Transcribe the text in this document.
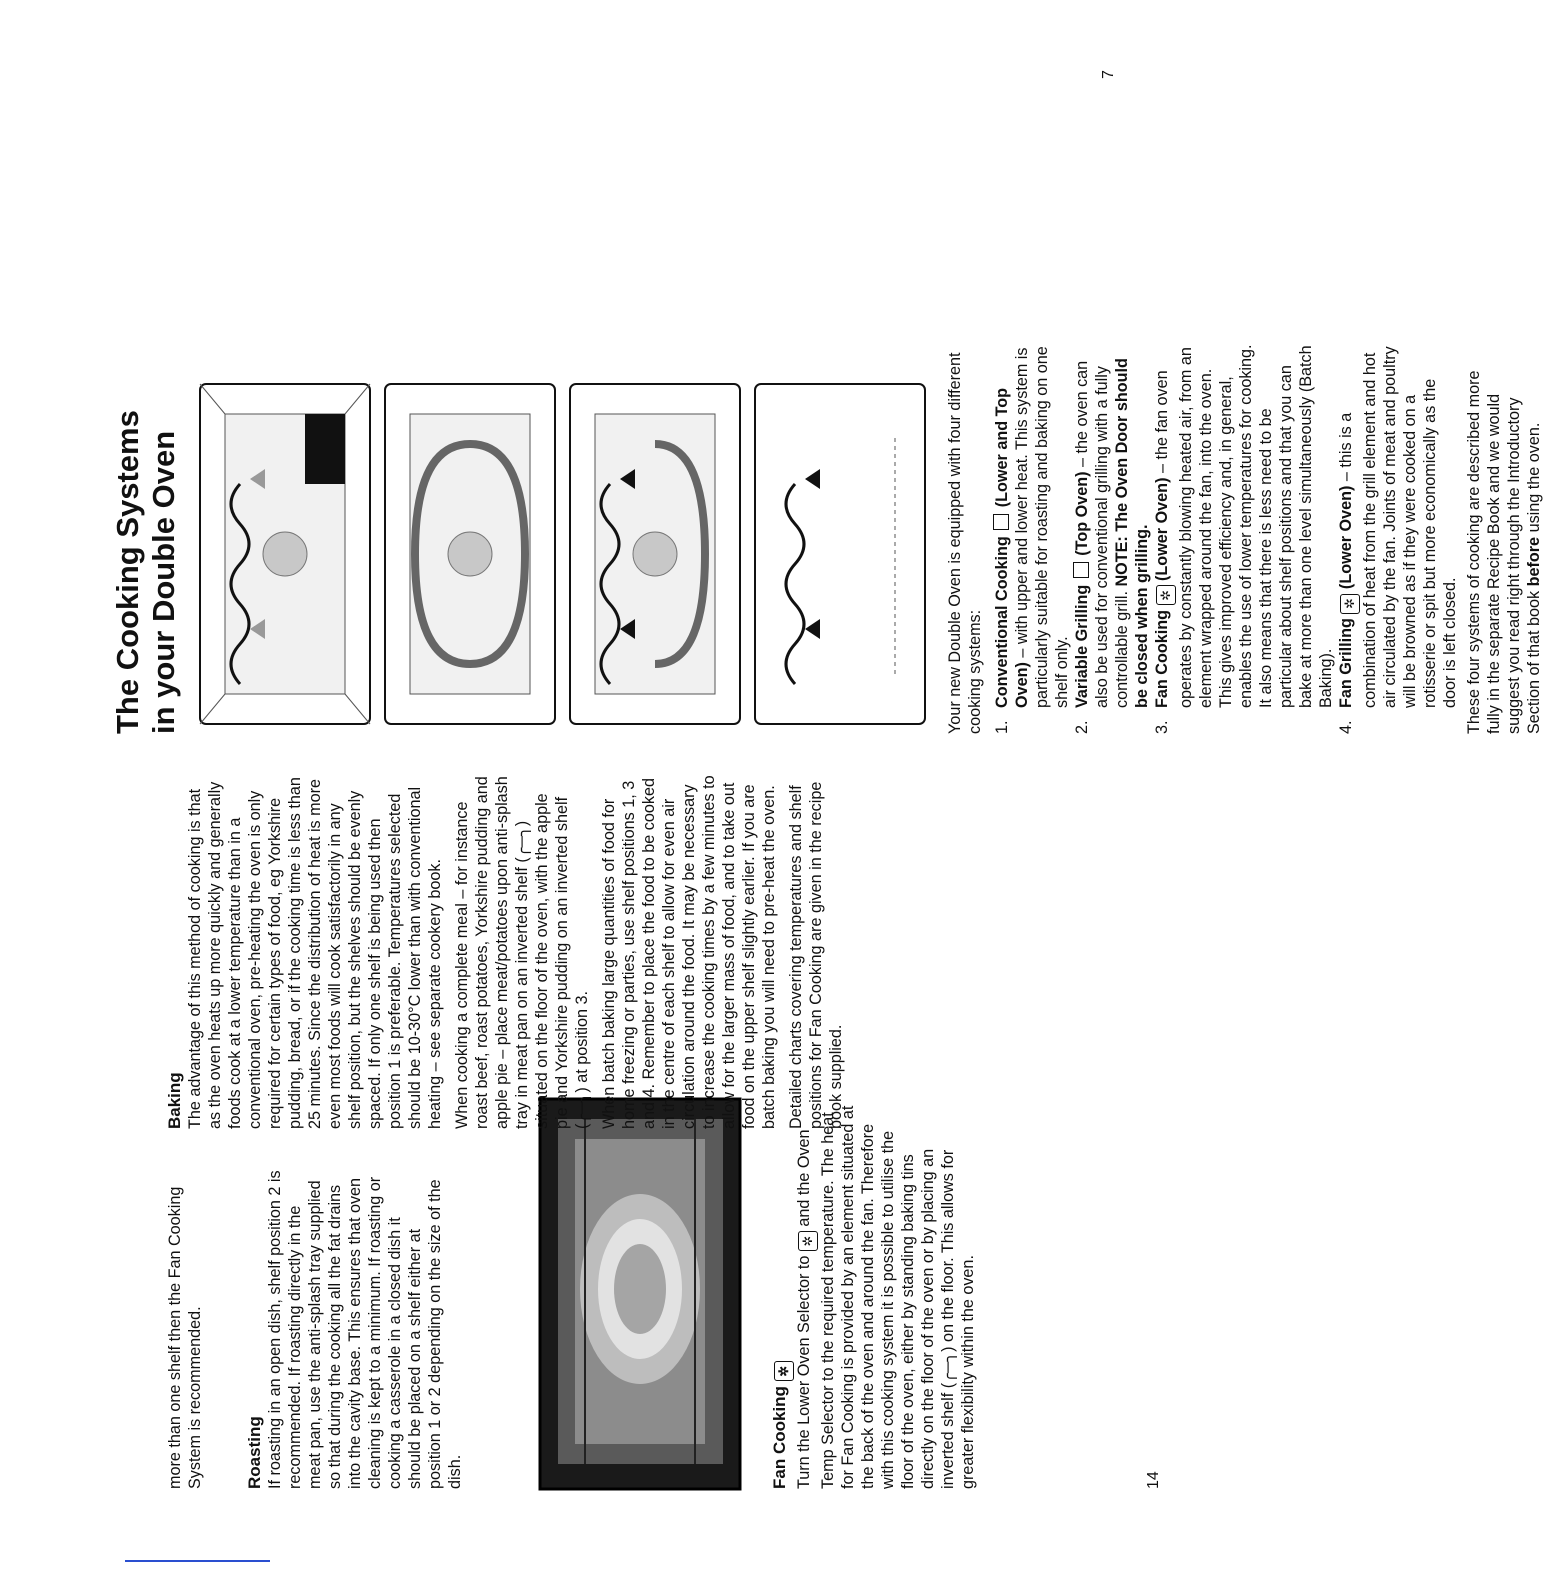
more than one shelf then the Fan Cooking System is recommended. Roasting If roasting in an open dish, shelf position 2 is recommended. If roasting directly in the meat pan, use the anti-splash tray supplied so that during the cooking all the fat drains into the cavity base. This ensures that oven cleaning is kept to a minimum. If roasting or cooking a casserole in a closed dish it should be placed on a shelf either at position 1 or 2 depending on the size of the dish.	Fan Cooking ✲ Turn the Lower Oven Selector to ✲ and the Oven Temp Selector to the required temperature. The heat for Fan Cooking is provided by an element situated at the back of the oven and around the fan. Therefore with this cooking system it is possible to utilise the floor of the oven, either by standing baking tins directly on the floor of the oven or by placing an inverted shelf (╭─╮) on the floor. This allows for greater flexibility within the oven.
Baking The advantage of this method of cooking is that as the oven heats up more quickly and generally foods cook at a lower temperature than in a conventional oven, pre-heating the oven is only required for certain types of food, eg Yorkshire pudding, bread, or if the cooking time is less than 25 minutes. Since the distribution of heat is more even most foods will cook satisfactorily in any shelf position, but the shelves should be evenly spaced. If only one shelf is being used then position 1 is preferable. Temperatures selected should be 10-30°C lower than with conventional heating – see separate cookery book. When cooking a complete meal – for instance roast beef, roast potatoes, Yorkshire pudding and apple pie – place meat/potatoes upon anti-splash tray in meat pan on an inverted shelf (╭─╮) situated on the floor of the oven, with the apple pie and Yorkshire pudding on an inverted shelf (╭─╮) at position 3. When batch baking large quantities of food for home freezing or parties, use shelf positions 1, 3 and 4. Remember to place the food to be cooked in the centre of each shelf to allow for even air circulation around the food. It may be necessary to increase the cooking times by a few minutes to allow for the larger mass of food, and to take out food on the upper shelf slightly earlier. If you are batch baking you will need to pre-heat the oven. Detailed charts covering temperatures and shelf positions for Fan Cooking are given in the recipe book supplied.

14
The Cooking Systems in your Double Oven	Your new Double Oven is equipped with four different cooking systems: 1.
Conventional Cooking  (Lower and Top Oven) – with upper and lower heat. This system is particularly suitable for roasting and baking on one shelf only.
2.
Variable Grilling  (Top Oven) – the oven can also be used for conventional grilling with a fully controllable grill. NOTE: The Oven Door should be closed when grilling.
3.
Fan Cooking ✲ (Lower Oven) – the fan oven operates by constantly blowing heated air, from an element wrapped around the fan, into the oven. This gives improved efficiency and, in general, enables the use of lower temperatures for cooking. It also means that there is less need to be particular about shelf positions and that you can bake at more than one level simultaneously (Batch Baking).
4.
Fan Grilling ✲ (Lower Oven) – this is a combination of heat from the grill element and hot air circulated by the fan. Joints of meat and poultry will be browned as if they were cooked on a rotisserie or spit but more economically as the door is left closed. These four systems of cooking are described more fully in the separate Recipe Book and we would suggest you read right through the Introductory Section of that book before using the oven.

7
